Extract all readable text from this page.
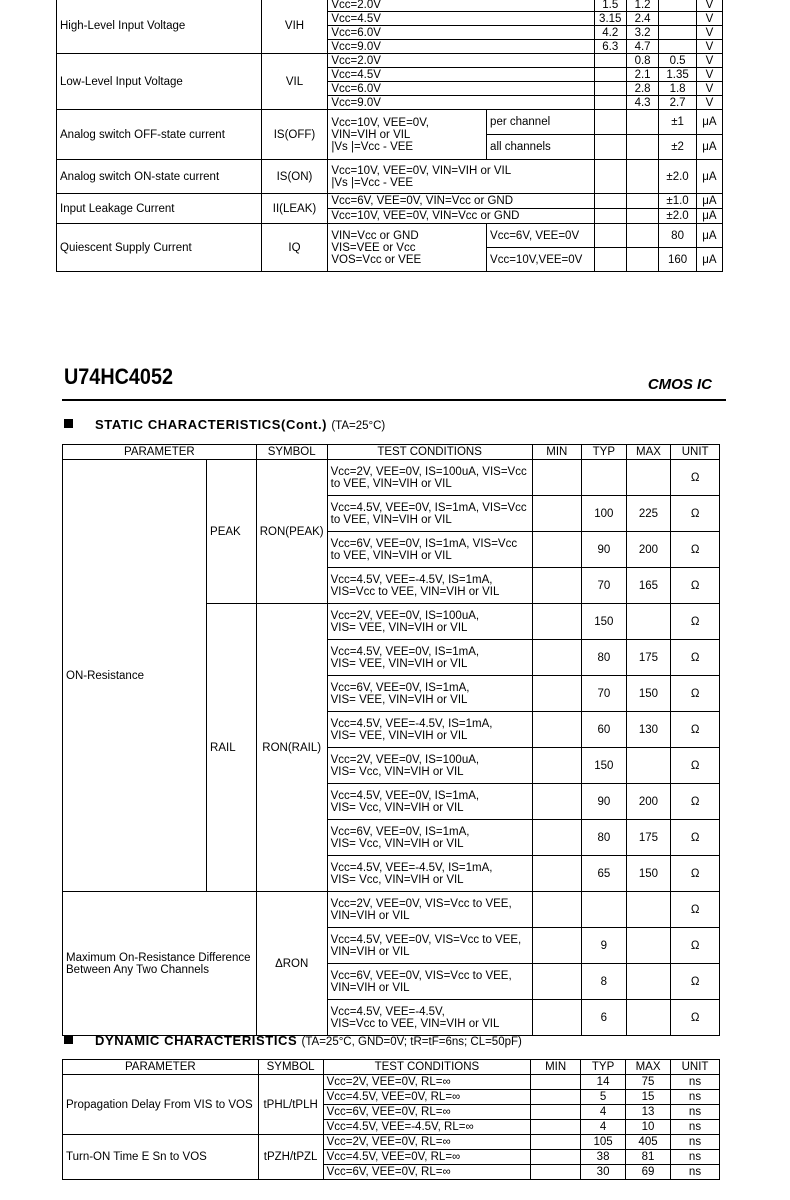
High-Level Input Voltage	VIH	Vcc=2.0V		1.5	1.2		V
		Vcc=4.5V		3.15	2.4		V
		Vcc=6.0V		4.2	3.2		V
		Vcc=9.0V		6.3	4.7		V
Low-Level Input Voltage	VIL	Vcc=2.0V			0.8	0.5	V
		Vcc=4.5V			2.1	1.35	V
		Vcc=6.0V			2.8	1.8	V
		Vcc=9.0V			4.3	2.7	V
Analog switch OFF-state current	IS(OFF)	Vcc=10V, VEE=0V,
VIN=VIH or VIL
|Vs |=Vcc - VEE	per channel			±1	μA
			all channels			±2	μA
Analog switch ON-state current	IS(ON)	Vcc=10V, VEE=0V, VIN=VIH or VIL
|Vs |=Vcc - VEE				±2.0	μA
Input Leakage Current	II(LEAK)	Vcc=6V, VEE=0V, VIN=Vcc or GND				±1.0	μA
		Vcc=10V, VEE=0V, VIN=Vcc or GND				±2.0	μA
Quiescent Supply Current	IQ	VIN=Vcc or GND
VIS=VEE or Vcc
VOS=Vcc or VEE	Vcc=6V, VEE=0V			80	μA
			Vcc=10V,VEE=0V			160	μA
U74HC4052	CMOS IC
STATIC CHARACTERISTICS(Cont.) (TA=25°C)
PARAMETER		SYMBOL	TEST CONDITIONS	MIN	TYP	MAX	UNIT
ON-Resistance	PEAK	RON(PEAK)	Vcc=2V, VEE=0V, IS=100uA, VIS=Vcc
to VEE, VIN=VIH or VIL				Ω

			Vcc=4.5V, VEE=0V, IS=1mA, VIS=Vcc
to VEE, VIN=VIH or VIL		100	225	Ω

			Vcc=6V, VEE=0V, IS=1mA, VIS=Vcc
to VEE, VIN=VIH or VIL		90	200	Ω

			Vcc=4.5V, VEE=-4.5V, IS=1mA,
VIS=Vcc to VEE, VIN=VIH or VIL		70	165	Ω
	RAIL	RON(RAIL)	Vcc=2V, VEE=0V, IS=100uA,
VIS= VEE, VIN=VIH or VIL		150		Ω

			Vcc=4.5V, VEE=0V, IS=1mA,
VIS= VEE, VIN=VIH or VIL		80	175	Ω

			Vcc=6V, VEE=0V, IS=1mA,
VIS= VEE, VIN=VIH or VIL		70	150	Ω

			Vcc=4.5V, VEE=-4.5V, IS=1mA,
VIS= VEE, VIN=VIH or VIL		60	130	Ω

			Vcc=2V, VEE=0V, IS=100uA,
VIS= Vcc, VIN=VIH or VIL		150		Ω

			Vcc=4.5V, VEE=0V, IS=1mA,
VIS= Vcc, VIN=VIH or VIL		90	200	Ω

			Vcc=6V, VEE=0V, IS=1mA,
VIS= Vcc, VIN=VIH or VIL		80	175	Ω

			Vcc=4.5V, VEE=-4.5V, IS=1mA,
VIS= Vcc, VIN=VIH or VIL		65	150	Ω
Maximum On-Resistance Difference Between Any Two Channels		ΔRON	Vcc=2V, VEE=0V, VIS=Vcc to VEE,
VIN=VIH or VIL				Ω

			Vcc=4.5V, VEE=0V, VIS=Vcc to VEE,
VIN=VIH or VIL		9		Ω

			Vcc=6V, VEE=0V, VIS=Vcc to VEE,
VIN=VIH or VIL		8		Ω

			Vcc=4.5V, VEE=-4.5V,
VIS=Vcc to VEE, VIN=VIH or VIL		6		Ω
DYNAMIC CHARACTERISTICS (TA=25°C, GND=0V; tR=tF=6ns; CL=50pF)
PARAMETER	SYMBOL	TEST CONDITIONS	MIN	TYP	MAX	UNIT
Propagation Delay From VIS to VOS	tPHL/tPLH	Vcc=2V, VEE=0V, RL=∞		14	75	ns
		Vcc=4.5V, VEE=0V, RL=∞		5	15	ns
		Vcc=6V, VEE=0V, RL=∞		4	13	ns
		Vcc=4.5V, VEE=-4.5V, RL=∞		4	10	ns
Turn-ON Time E Sn to VOS	tPZH/tPZL	Vcc=2V, VEE=0V, RL=∞		105	405	ns
		Vcc=4.5V, VEE=0V, RL=∞		38	81	ns
		Vcc=6V, VEE=0V, RL=∞		30	69	ns
